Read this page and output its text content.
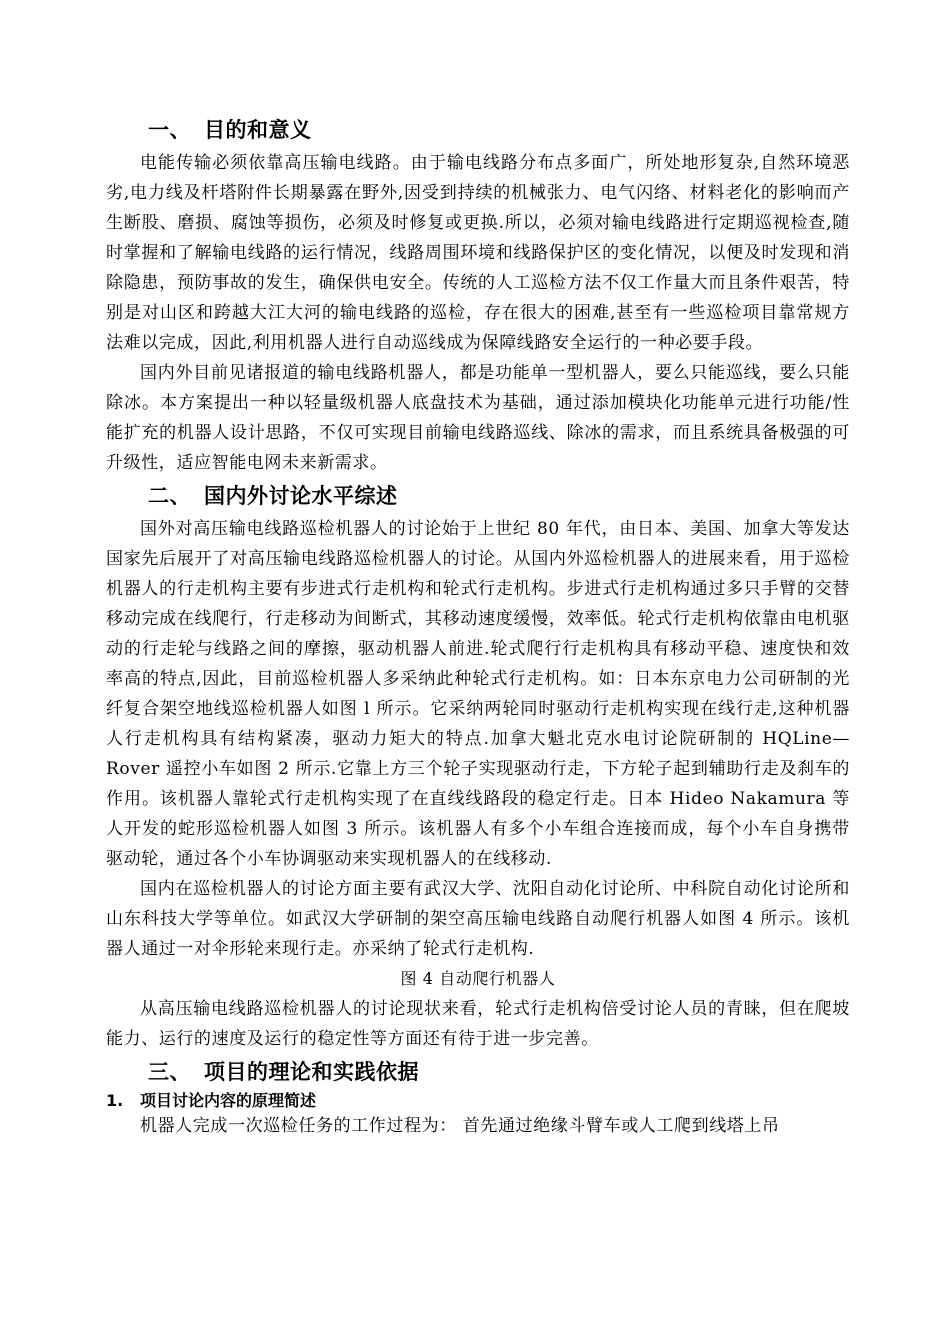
一、 目的和意义

电能传输必须依靠高压输电线路。由于输电线路分布点多面广，所处地形复杂,自然环境恶劣,电力线及杆塔附件长期暴露在野外,因受到持续的机械张力、电气闪络、材料老化的影响而产生断股、磨损、腐蚀等损伤，必须及时修复或更换.所以，必须对输电线路进行定期巡视检查,随时掌握和了解输电线路的运行情况，线路周围环境和线路保护区的变化情况，以便及时发现和消除隐患，预防事故的发生，确保供电安全。传统的人工巡检方法不仅工作量大而且条件艰苦，特别是对山区和跨越大江大河的输电线路的巡检，存在很大的困难,甚至有一些巡检项目靠常规方法难以完成，因此,利用机器人进行自动巡线成为保障线路安全运行的一种必要手段。

国内外目前见诸报道的输电线路机器人，都是功能单一型机器人，要么只能巡线，要么只能除冰。本方案提出一种以轻量级机器人底盘技术为基础，通过添加模块化功能单元进行功能/性能扩充的机器人设计思路，不仅可实现目前输电线路巡线、除冰的需求，而且系统具备极强的可升级性，适应智能电网未来新需求。

二、 国内外讨论水平综述

国外对高压输电线路巡检机器人的讨论始于上世纪 80 年代，由日本、美国、加拿大等发达国家先后展开了对高压输电线路巡检机器人的讨论。从国内外巡检机器人的进展来看，用于巡检机器人的行走机构主要有步进式行走机构和轮式行走机构。步进式行走机构通过多只手臂的交替移动完成在线爬行，行走移动为间断式，其移动速度缓慢，效率低。轮式行走机构依靠由电机驱动的行走轮与线路之间的摩擦，驱动机器人前进.轮式爬行行走机构具有移动平稳、速度快和效率高的特点,因此，目前巡检机器人多采纳此种轮式行走机构。如：日本东京电力公司研制的光纤复合架空地线巡检机器人如图 l 所示。它采纳两轮同时驱动行走机构实现在线行走,这种机器人行走机构具有结构紧凑，驱动力矩大的特点.加拿大魁北克水电讨论院研制的 HQLine—Rover 遥控小车如图 2 所示.它靠上方三个轮子实现驱动行走，下方轮子起到辅助行走及刹车的作用。该机器人靠轮式行走机构实现了在直线线路段的稳定行走。日本 Hideo Nakamura 等人开发的蛇形巡检机器人如图 3 所示。该机器人有多个小车组合连接而成，每个小车自身携带驱动轮，通过各个小车协调驱动来实现机器人的在线移动.

国内在巡检机器人的讨论方面主要有武汉大学、沈阳自动化讨论所、中科院自动化讨论所和山东科技大学等单位。如武汉大学研制的架空高压输电线路自动爬行机器人如图 4 所示。该机器人通过一对伞形轮来现行走。亦采纳了轮式行走机构.

图 4 自动爬行机器人

从高压输电线路巡检机器人的讨论现状来看，轮式行走机构倍受讨论人员的青睐，但在爬坡能力、运行的速度及运行的稳定性等方面还有待于进一步完善。

三、 项目的理论和实践依据
1. 项目讨论内容的原理简述

机器人完成一次巡检任务的工作过程为： 首先通过绝缘斗臂车或人工爬到线塔上吊
